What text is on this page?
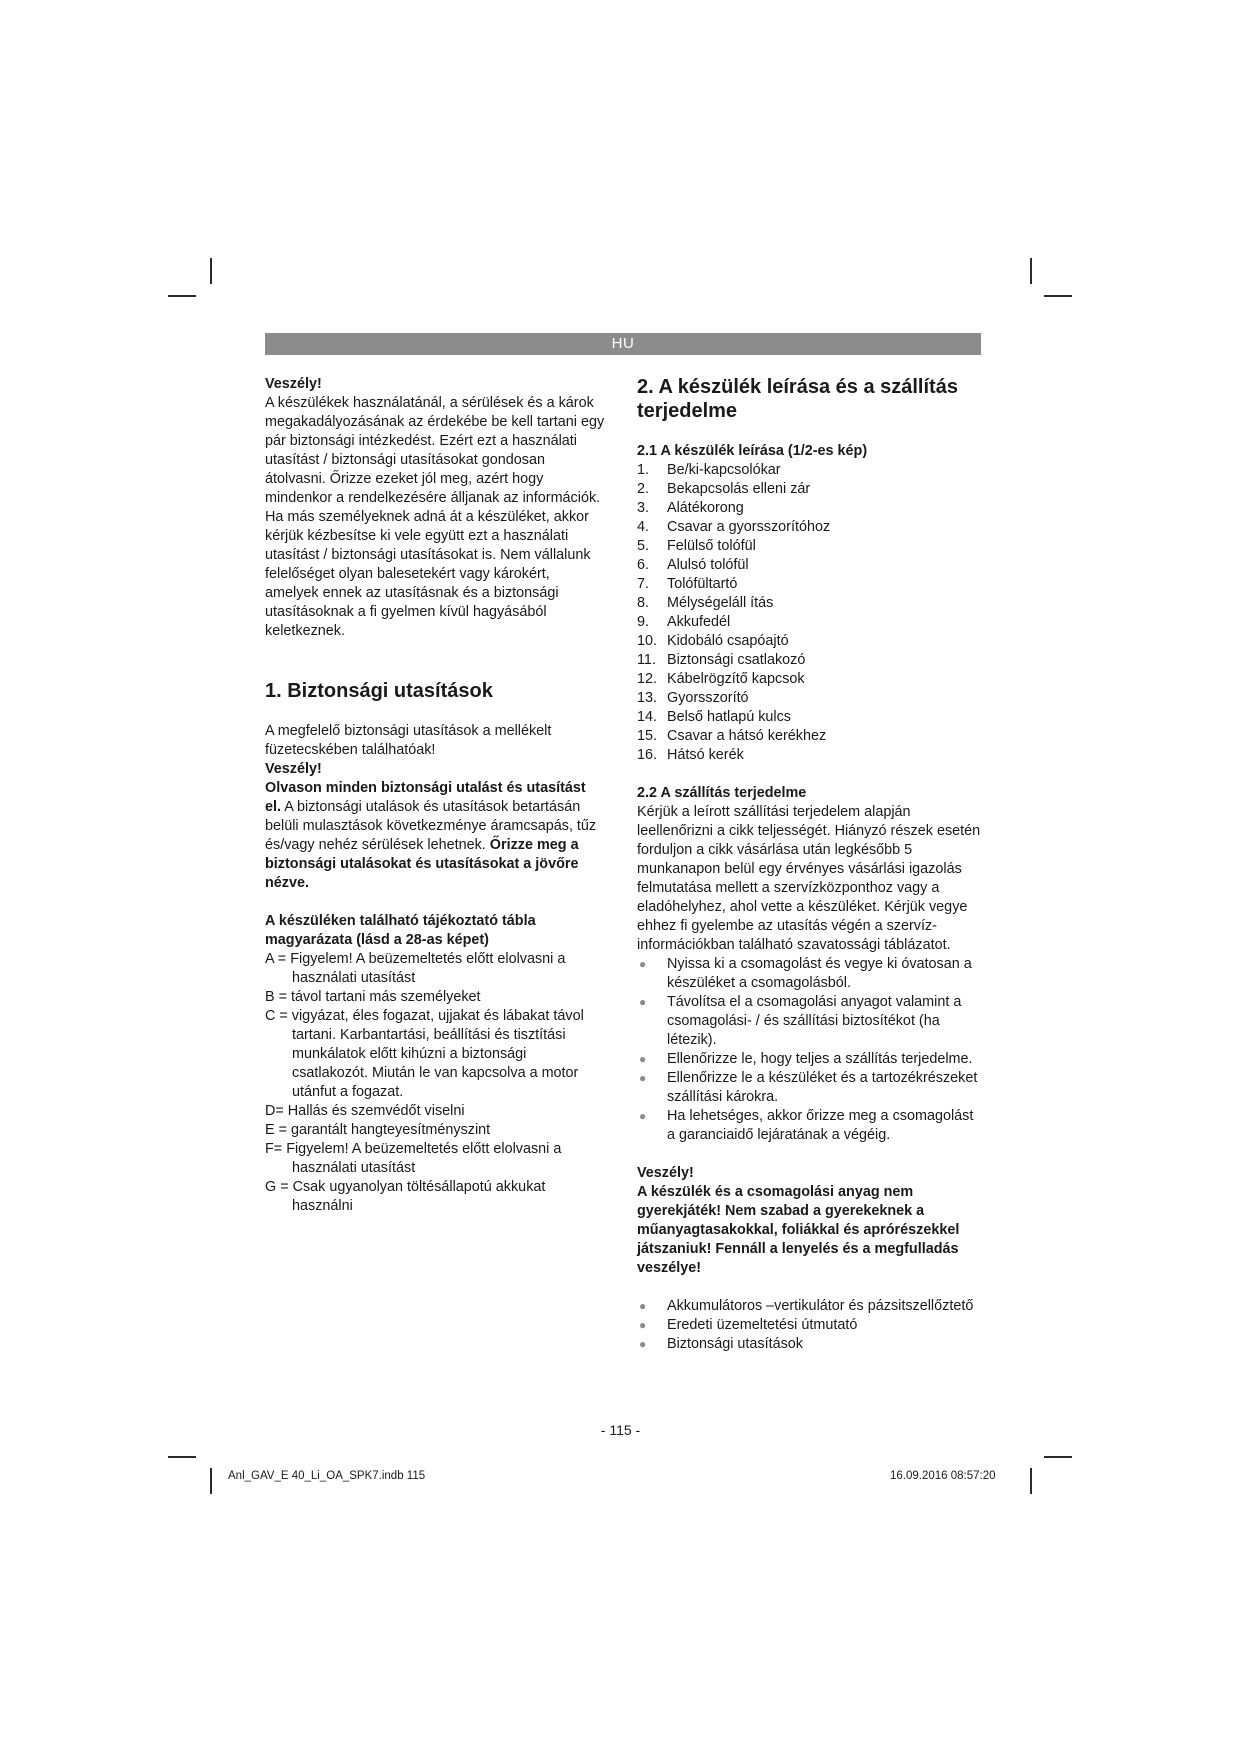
HU

Veszély!

A készülékek használatánál, a sérülések és a károk megakadályozásának az érdekébe be kell tartani egy pár biztonsági intézkedést. Ezért ezt a használati utasítást / biztonsági utasításokat gondosan átolvasni. Őrizze ezeket jól meg, azért hogy mindenkor a rendelkezésére álljanak az információk. Ha más személyeknek adná át a készüléket, akkor kérjük kézbesítse ki vele együtt ezt a használati utasítást / biztonsági utasításokat is. Nem vállalunk felelőséget olyan balesetekért vagy károkért, amelyek ennek az utasításnak és a biztonsági utasításoknak a fi gyelmen kívül hagyásából keletkeznek.

1. Biztonsági utasítások

A megfelelő biztonsági utasítások a mellékelt füzetecskében találhatóak!

Veszély!

Olvason minden biztonsági utalást és utasítást el. A biztonsági utalások és utasítások betartásán belüli mulasztások következménye áramcsapás, tűz és/vagy nehéz sérülések lehetnek. Őrizze meg a biztonsági utalásokat és utasításokat a jövőre nézve.

A készüléken található tájékoztató tábla magyarázata (lásd a 28-as képet)

A = Figyelem! A beüzemeltetés előtt elolvasni a használati utasítást

B = távol tartani más személyeket

C = vigyázat, éles fogazat, ujjakat és lábakat távol tartani. Karbantartási, beállítási és tisztítási munkálatok előtt kihúzni a biztonsági csatlakozót. Miután le van kapcsolva a motor utánfut a fogazat.

D= Hallás és szemvédőt viselni

E = garantált hangteyesítményszint

F= Figyelem! A beüzemeltetés előtt elolvasni a használati utasítást

G = Csak ugyanolyan töltésállapotú akkukat használni

2. A készülék leírása és a szállítás terjedelme
2.1 A készülék leírása (1/2-es kép)
1.	Be/ki-kapcsolókar
2.	Bekapcsolás elleni zár
3.	Alátékorong
4.	Csavar a gyorsszorítóhoz
5.	Felülső tolófül
6.	Alulsó tolófül
7.	Tolófültartó
8.	Mélységeláll ítás
9.	Akkufedél
10. Kidobáló csapóajtó
11. Biztonsági csatlakozó
12. Kábelrögzítő kapcsok
13. Gyorsszorító
14. Belső hatlapú kulcs
15. Csavar a hátsó kerékhez
16. Hátsó kerék
2.2 A szállítás terjedelme

Kérjük a leírott szállítási terjedelem alapján leellenőrizni a cikk teljességét. Hiányzó részek esetén forduljon a cikk vásárlása után legkésőbb 5 munkanapon belül egy érvényes vásárlási igazolás felmutatása mellett a szervízközponthoz vagy a eladóhelyhez, ahol vette a készüléket. Kérjük vegye ehhez fi gyelembe az utasítás végén a szervíz-információkban található szavatossági táblázatot.

●	Nyissa ki a csomagolást és vegye ki óvatosan a készüléket a csomagolásból.
●	Távolítsa el a csomagolási anyagot valamint a csomagolási- / és szállítási biztosítékot (ha létezik).
●	Ellenőrizze le, hogy teljes a szállítás terjedelme.
●	Ellenőrizze le a készüléket és a tartozékrészeket szállítási károkra.
●	Ha lehetséges, akkor őrizze meg a csomagolást a garanciaidő lejáratának a végéig.

Veszély!

A készülék és a csomagolási anyag nem gyerekjáték! Nem szabad a gyerekeknek a műanyagtasakokkal, foliákkal és aprórészekkel játszaniuk! Fennáll a lenyelés és a megfulladás veszélye!

●	Akkumulátoros –vertikulátor és pázsitszellőztető
●	Eredeti üzemeltetési útmutató
●	Biztonsági utasítások
- 115 -
Anl_GAV_E 40_Li_OA_SPK7.indb 115	16.09.2016 08:57:20
